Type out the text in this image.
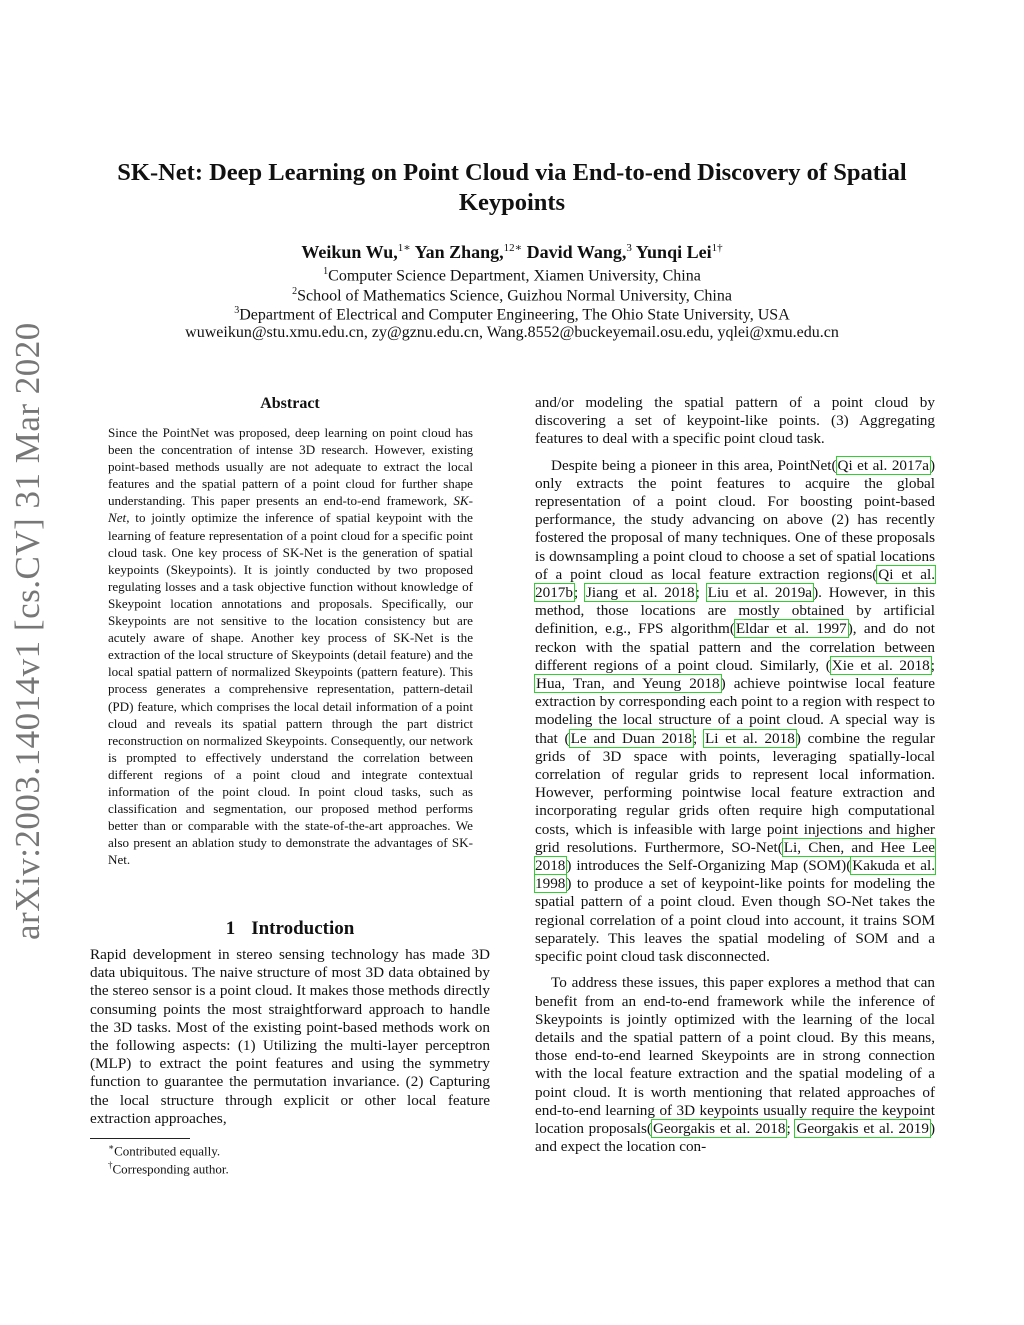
arXiv:2003.14014v1 [cs.CV] 31 Mar 2020
SK-Net: Deep Learning on Point Cloud via End-to-end Discovery of Spatial Keypoints
Weikun Wu,$^{1∗}$ Yan Zhang,$^{12∗}$ David Wang,$^3$ Yunqi Lei$^{1\dagger}$
$^1$Computer Science Department, Xiamen University, China
$^2$School of Mathematics Science, Guizhou Normal University, China
$^3$Department of Electrical and Computer Engineering, The Ohio State University, USA
wuweikun@stu.xmu.edu.cn, zy@gznu.edu.cn, Wang.8552@buckeyemail.osu.edu, yqlei@xmu.edu.cn
Abstract
Since the PointNet was proposed, deep learning on point cloud has been the concentration of intense 3D research. However, existing point-based methods usually are not adequate to extract the local features and the spatial pattern of a point cloud for further shape understanding. This paper presents an end-to-end framework, SK-Net, to jointly optimize the inference of spatial keypoint with the learning of feature representation of a point cloud for a specific point cloud task. One key process of SK-Net is the generation of spatial keypoints (Skeypoints). It is jointly conducted by two proposed regulating losses and a task objective function without knowledge of Skeypoint location annotations and proposals. Specifically, our Skeypoints are not sensitive to the location consistency but are acutely aware of shape. Another key process of SK-Net is the extraction of the local structure of Skeypoints (detail feature) and the local spatial pattern of normalized Skeypoints (pattern feature). This process generates a comprehensive representation, pattern-detail (PD) feature, which comprises the local detail information of a point cloud and reveals its spatial pattern through the part district reconstruction on normalized Skeypoints. Consequently, our network is prompted to effectively understand the correlation between different regions of a point cloud and integrate contextual information of the point cloud. In point cloud tasks, such as classification and segmentation, our proposed method performs better than or comparable with the state-of-the-art approaches. We also present an ablation study to demonstrate the advantages of SK-Net.
1 Introduction
Rapid development in stereo sensing technology has made 3D data ubiquitous. The naive structure of most 3D data obtained by the stereo sensor is a point cloud. It makes those methods directly consuming points the most straightforward approach to handle the 3D tasks. Most of the existing point-based methods work on the following aspects: (1) Utilizing the multi-layer perceptron (MLP) to extract the point features and using the symmetry function to guarantee the permutation invariance. (2) Capturing the local structure through explicit or other local feature extraction approaches,
∗Contributed equally.
†Corresponding author.

and/or modeling the spatial pattern of a point cloud by discovering a set of keypoint-like points. (3) Aggregating features to deal with a specific point cloud task.

Despite being a pioneer in this area, PointNet(Qi et al. 2017a) only extracts the point features to acquire the global representation of a point cloud. For boosting point-based performance, the study advancing on above (2) has recently fostered the proposal of many techniques. One of these proposals is downsampling a point cloud to choose a set of spatial locations of a point cloud as local feature extraction regions(Qi et al. 2017b; Jiang et al. 2018; Liu et al. 2019a). However, in this method, those locations are mostly obtained by artificial definition, e.g., FPS algorithm(Eldar et al. 1997), and do not reckon with the spatial pattern and the correlation between different regions of a point cloud. Similarly, (Xie et al. 2018; Hua, Tran, and Yeung 2018) achieve pointwise local feature extraction by corresponding each point to a region with respect to modeling the local structure of a point cloud. A special way is that (Le and Duan 2018; Li et al. 2018) combine the regular grids of 3D space with points, leveraging spatially-local correlation of regular grids to represent local information. However, performing pointwise local feature extraction and incorporating regular grids often require high computational costs, which is infeasible with large point injections and higher grid resolutions. Furthermore, SO-Net(Li, Chen, and Hee Lee 2018) introduces the Self-Organizing Map (SOM)(Kakuda et al. 1998) to produce a set of keypoint-like points for modeling the spatial pattern of a point cloud. Even though SO-Net takes the regional correlation of a point cloud into account, it trains SOM separately. This leaves the spatial modeling of SOM and a specific point cloud task disconnected.

To address these issues, this paper explores a method that can benefit from an end-to-end framework while the inference of Skeypoints is jointly optimized with the learning of the local details and the spatial pattern of a point cloud. By this means, those end-to-end learned Skeypoints are in strong connection with the local feature extraction and the spatial modeling of a point cloud. It is worth mentioning that related approaches of end-to-end learning of 3D keypoints usually require the keypoint location proposals(Georgakis et al. 2018; Georgakis et al. 2019) and expect the location con-
